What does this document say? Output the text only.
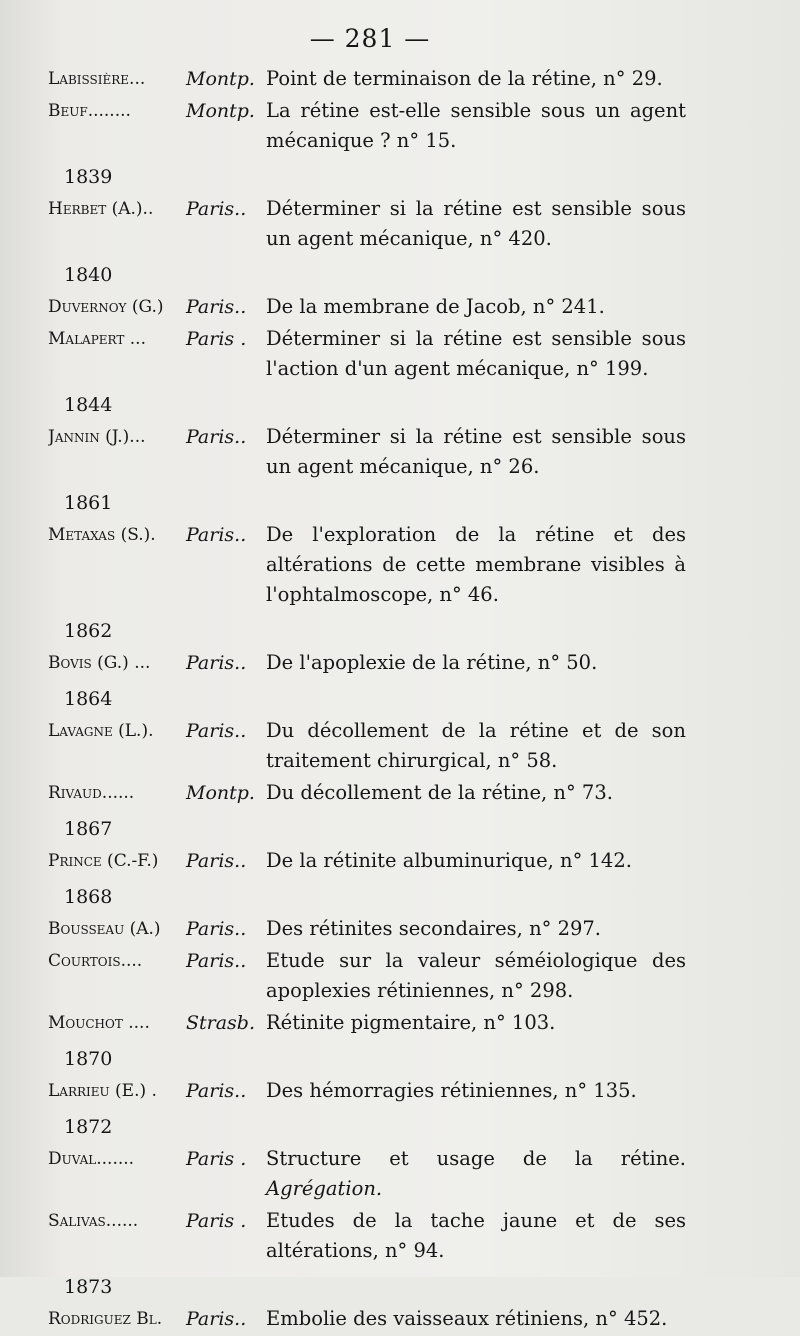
— 281 —
Labissière...	Montp. Point de terminaison de la rétine, n° 29.
Beuf........	Montp. La rétine est-elle sensible sous un agent mécanique ? n° 15.
1839
Herbet (A.)..	Paris..	Déterminer si la rétine est sensible sous un agent mécanique, n° 420.
1840
Duvernoy (G.)	Paris..	De la membrane de Jacob, n° 241.
Malapert ...	Paris .	Déterminer si la rétine est sensible sous l'action d'un agent mécanique, n° 199.
1844
Jannin (J.)...	Paris..	Déterminer si la rétine est sensible sous un agent mécanique, n° 26.
1861
Metaxas (S.).	Paris..	De l'exploration de la rétine et des altérations de cette membrane visibles à l'ophtalmoscope, n° 46.
1862
Bovis (G.) ...	Paris..	De l'apoplexie de la rétine, n° 50.
1864
Lavagne (L.).	Paris..	Du décollement de la rétine et de son traitement chirurgical, n° 58.
Rivaud......	Montp. Du décollement de la rétine, n° 73.
1867
Prince (C.-F.)	Paris..	De la rétinite albuminurique, n° 142.
1868
Bousseau (A.)	Paris..	Des rétinites secondaires, n° 297.
Courtois....	Paris..	Etude sur la valeur séméiologique des apoplexies rétiniennes, n° 298.
Mouchot ....	Strasb. Rétinite pigmentaire, n° 103.
1870
Larrieu (E.) .	Paris..	Des hémorragies rétiniennes, n° 135.
1872
Duval.......	Paris .	Structure et usage de la rétine. Agrégation.
Salivas......	Paris .	Etudes de la tache jaune et de ses altérations, n° 94.
1873
Rodriguez Bl.	Paris..	Embolie des vaisseaux rétiniens, n° 452.
